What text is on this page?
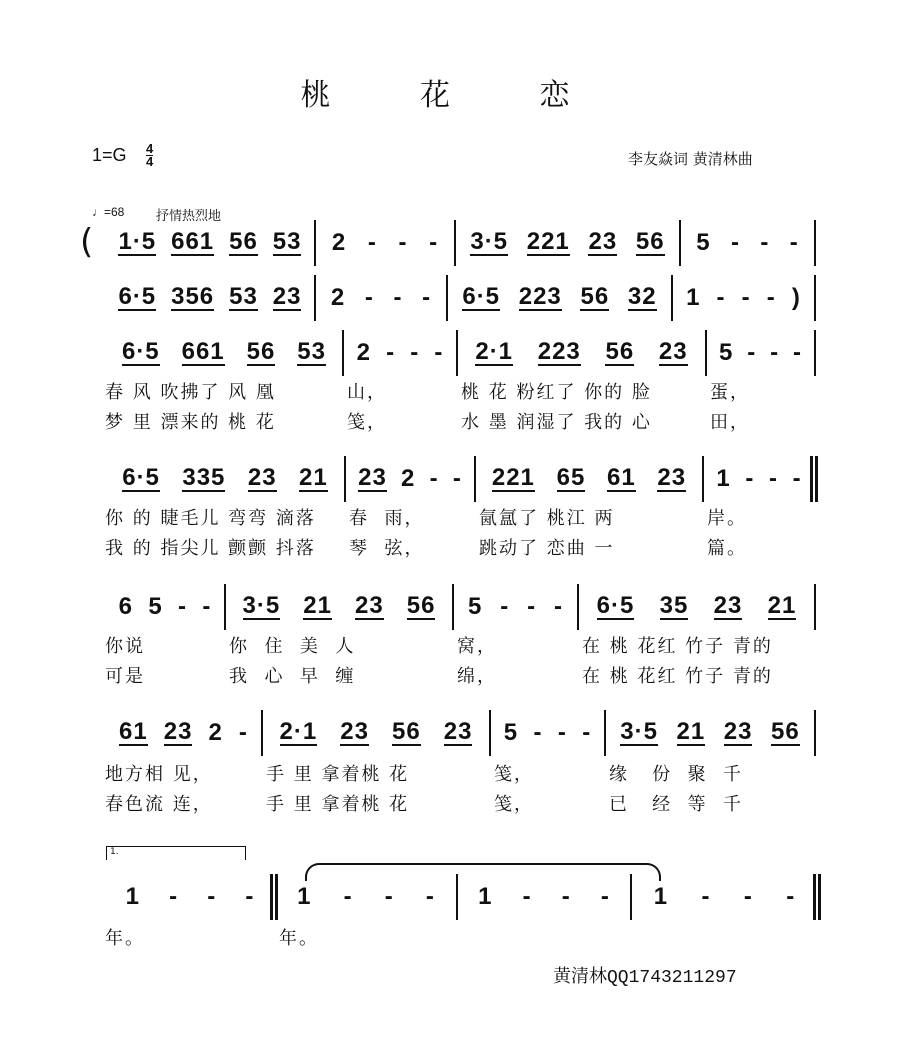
桃 花 恋
1=G 4
4	李友焱词 黄清林曲
♩=68 抒情热烈地
(
1.
1·5 661 56 53 2 - - - 3·5 221 23 56 5 - - -
6·5 356 53 23 2 - - - 6·5 223 56 32 1 - - - )
6·5 661 56 53
春 风 吹拂了 风 凰
梦 里 漂来的 桃 花
2 - - -
山，
笺，
2·1 223 56 23
桃 花 粉红了 你的 脸
水 墨 润湿了 我的 心
5 - - -
蛋，
田，
6·5 335 23 21
你 的 睫毛儿 弯弯 滴落
我 的 指尖儿 颤颤 抖落
23 2 - -
春  雨，
琴  弦，
221 65 61 23
氤氲了 桃江 两
跳动了 恋曲 一
1 - - -
岸。
篇。
6 5 - -
你说
可是
3·5 21 23 56
你  住  美  人
我  心  早  缠
5 - - -
窝，
绵，
6·5 35 23 21
在 桃 花红 竹子 青的
在 桃 花红 竹子 青的
61 23 2 -
地方相 见，
春色流 连，
2·1 23 56 23
手 里 拿着桃 花
手 里 拿着桃 花
5 - - -
笺，
笺，
3·5 21 23 56
缘   份  聚  千
已   经  等  千
1 - - -
年。
1 - - -
年。
1 - - - 1 - - -
黄清林QQ1743211297
